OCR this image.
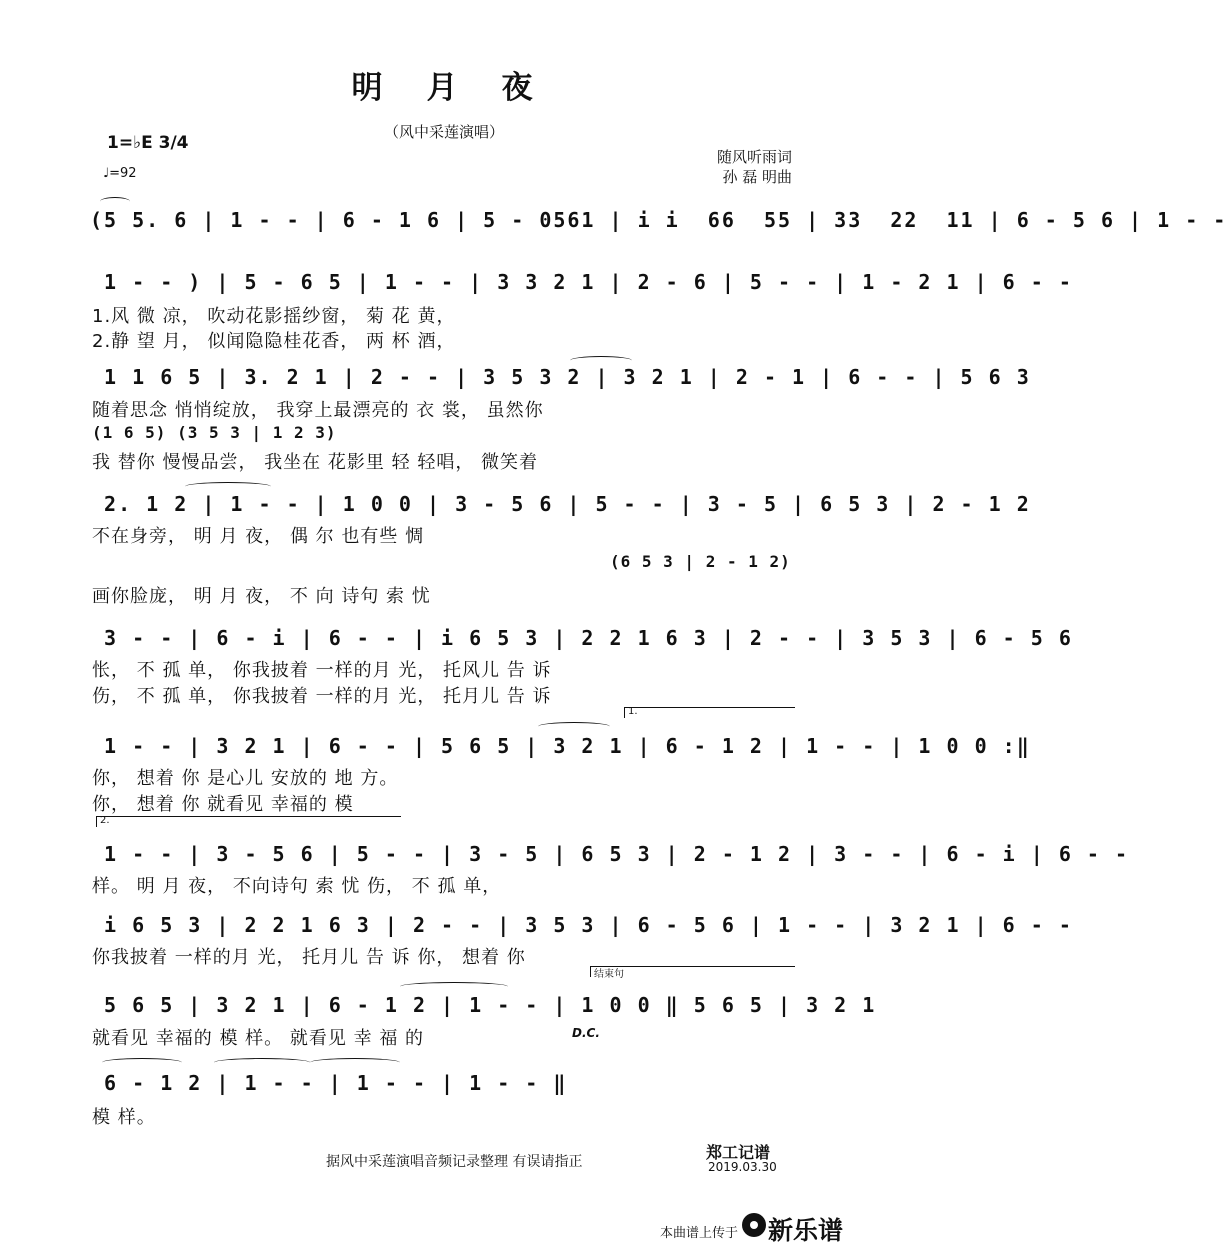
明月夜
（风中采莲演唱）
1=♭E 3/4
♩=92
随风听雨词
孙 磊 明曲
(5 5. 6 | 1 - - | 6 - 1 6 | 5 - 0561 | i i  66  55 | 33  22  11 | 6 - 5 6 | 1 - -
1 - - ) | 5 - 6 5 | 1 - - | 3 3 2 1 | 2 - 6 | 5 - - | 1 - 2 1 | 6 - -
1.风 微 凉， 吹动花影摇纱窗， 菊 花 黄，
2.静 望 月， 似闻隐隐桂花香， 两 杯 酒，
1 1 6 5 | 3. 2 1 | 2 - - | 3 5 3 2 | 3 2 1 | 2 - 1 | 6 - - | 5 6 3
随着思念 悄悄绽放， 我穿上最漂亮的 衣 裳， 虽然你
(1 6 5) (3 5 3 | 1 2 3)
我 替你 慢慢品尝， 我坐在 花影里 轻 轻唱， 微笑着
2. 1 2 | 1 - - | 1 0 0 | 3 - 5 6 | 5 - - | 3 - 5 | 6 5 3 | 2 - 1 2
不在身旁， 明 月 夜， 偶 尔 也有些 惆
(6 5 3 | 2 - 1 2)
画你脸庞， 明 月 夜， 不 向 诗句 索 忧
3 - - | 6 - i | 6 - - | i 6 5 3 | 2 2 1 6 3 | 2 - - | 3 5 3 | 6 - 5 6
怅， 不 孤 单， 你我披着 一样的月 光， 托风儿 告 诉
伤， 不 孤 单， 你我披着 一样的月 光， 托月儿 告 诉
1.
1 - - | 3 2 1 | 6 - - | 5 6 5 | 3 2 1 | 6 - 1 2 | 1 - - | 1 0 0 :‖
你， 想着 你 是心儿 安放的 地 方。
你， 想着 你 就看见 幸福的 模
2.
1 - - | 3 - 5 6 | 5 - - | 3 - 5 | 6 5 3 | 2 - 1 2 | 3 - - | 6 - i | 6 - -
样。 明 月 夜， 不向诗句 索 忧 伤， 不 孤 单，
i 6 5 3 | 2 2 1 6 3 | 2 - - | 3 5 3 | 6 - 5 6 | 1 - - | 3 2 1 | 6 - -
你我披着 一样的月 光， 托月儿 告 诉 你， 想着 你
结束句
5 6 5 | 3 2 1 | 6 - 1 2 | 1 - - | 1 0 0 ‖ 5 6 5 | 3 2 1
就看见 幸福的 模 样。 就看见 幸 福 的	D.C.
6 - 1 2 | 1 - - | 1 - - | 1 - - ‖
模 样。
据风中采莲演唱音频记录整理 有误请指正	郑工记谱
2019.03.30
本曲谱上传于 新乐谱
